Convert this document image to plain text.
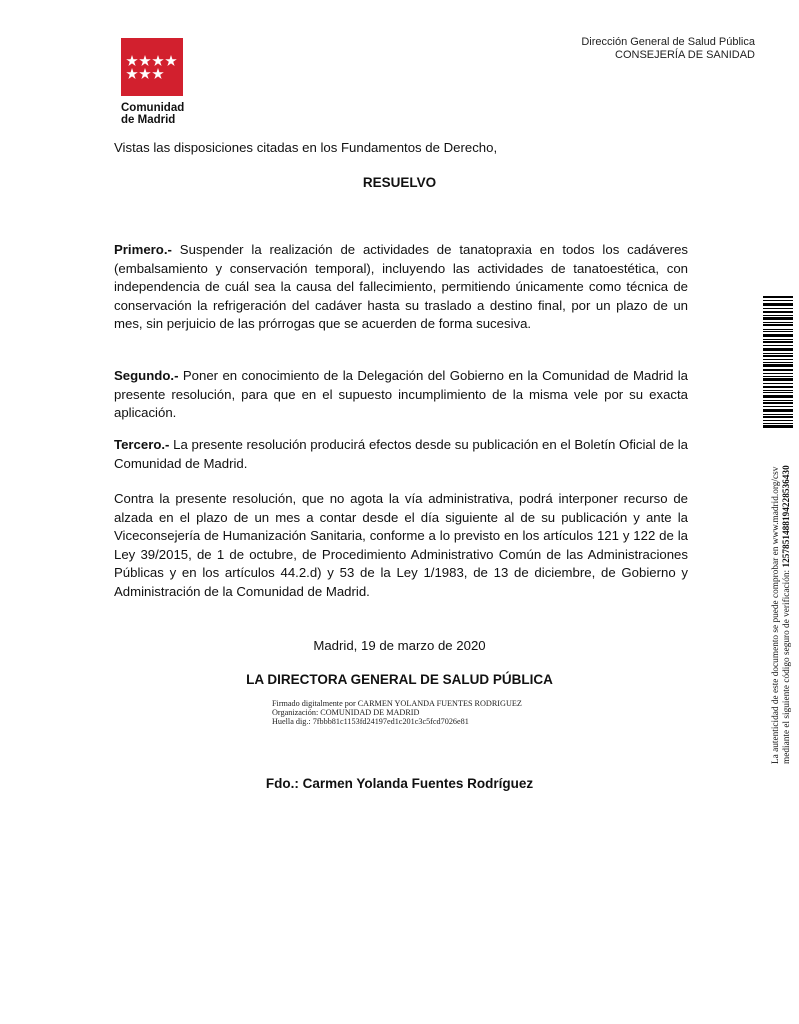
Comunidad
de Madrid
Dirección General de Salud Pública
CONSEJERÍA DE SANIDAD
Vistas las disposiciones citadas en los Fundamentos de Derecho,
RESUELVO
Primero.- Suspender la realización de actividades de tanatopraxia en todos los cadáveres (embalsamiento y conservación temporal), incluyendo las actividades de tanatoestética, con independencia de cuál sea la causa del fallecimiento, permitiendo únicamente como técnica de conservación la refrigeración del cadáver hasta su traslado a destino final, por un plazo de un mes, sin perjuicio de las prórrogas que se acuerden de forma sucesiva.
Segundo.- Poner en conocimiento de la Delegación del Gobierno en la Comunidad de Madrid la presente resolución, para que en el supuesto incumplimiento de la misma vele por su exacta aplicación.
Tercero.- La presente resolución producirá efectos desde su publicación en el Boletín Oficial de la Comunidad de Madrid.
Contra la presente resolución, que no agota la vía administrativa, podrá interponer recurso de alzada en el plazo de un mes a contar desde el día siguiente al de su publicación y ante la Viceconsejería de Humanización Sanitaria, conforme a lo previsto en los artículos 121 y 122 de la Ley 39/2015, de 1 de octubre, de Procedimiento Administrativo Común de las Administraciones Públicas y en los artículos 44.2.d) y 53 de la Ley 1/1983, de 13 de diciembre, de Gobierno y Administración de la Comunidad de Madrid.
Madrid, 19 de marzo de 2020
LA DIRECTORA GENERAL DE SALUD PÚBLICA
Firmado digitalmente por CARMEN YOLANDA FUENTES RODRIGUEZ
Organización: COMUNIDAD DE MADRID
Huella dig.: 7fbbb81c1153fd24197ed1c201c3c5fcd7026e81
Fdo.: Carmen Yolanda Fuentes Rodríguez
La autenticidad de este documento se puede comprobar en www.madrid.org/csv mediante el siguiente código seguro de verificación: 1257851488194228536430
